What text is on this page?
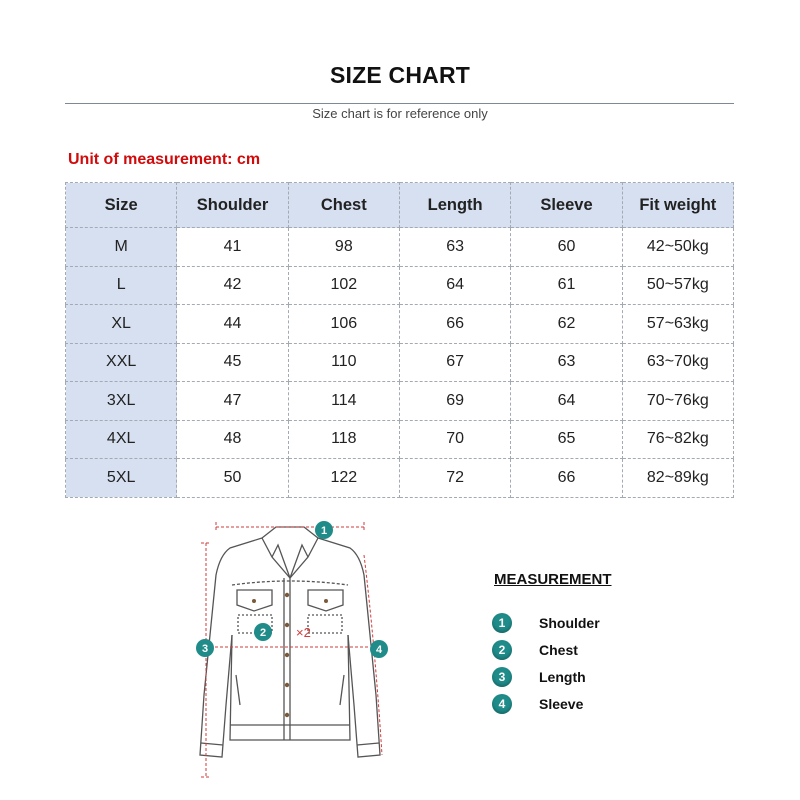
SIZE CHART
Size chart is for reference only
Unit of measurement: cm
Size	Shoulder	Chest	Length	Sleeve	Fit weight
M	41	98	63	60	42~50kg
L	42	102	64	61	50~57kg
XL	44	106	66	62	57~63kg
XXL	45	110	67	63	63~70kg
3XL	47	114	69	64	70~76kg
4XL	48	118	70	65	76~82kg
5XL	50	122	72	66	82~89kg
1
2 ×2
3	4
MEASUREMENT
1	Shoulder
2	Chest
3	Length
4	Sleeve
